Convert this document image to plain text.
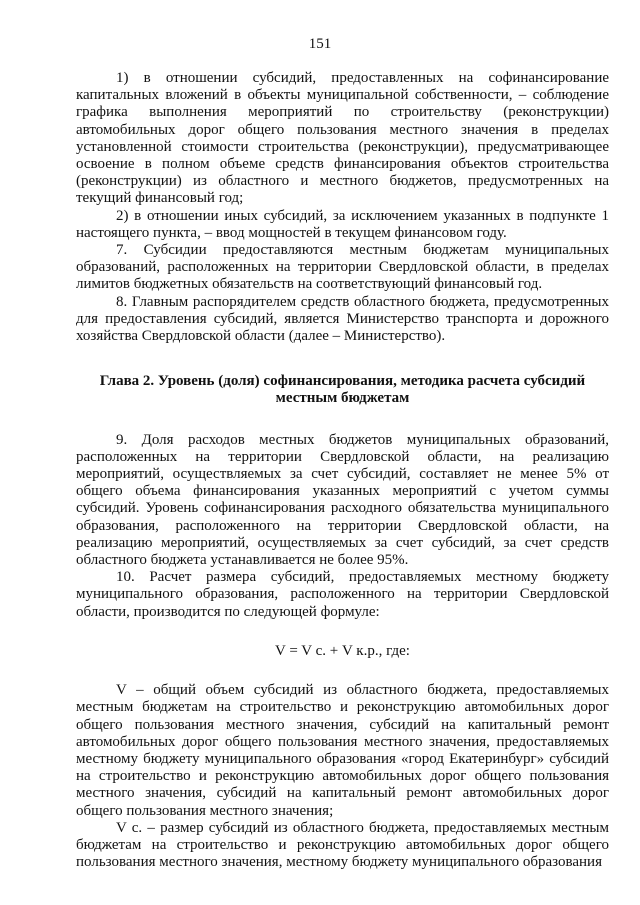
151

1) в отношении субсидий, предоставленных на софинансирование капитальных вложений в объекты муниципальной собственности, – соблюдение графика выполнения мероприятий по строительству (реконструкции) автомобильных дорог общего пользования местного значения в пределах установленной стоимости строительства (реконструкции), предусматривающее освоение в полном объеме средств финансирования объектов строительства (реконструкции) из областного и местного бюджетов, предусмотренных на текущий финансовый год;

2) в отношении иных субсидий, за исключением указанных в подпункте 1 настоящего пункта, – ввод мощностей в текущем финансовом году.

7. Субсидии предоставляются местным бюджетам муниципальных образований, расположенных на территории Свердловской области, в пределах лимитов бюджетных обязательств на соответствующий финансовый год.

8. Главным распорядителем средств областного бюджета, предусмотренных для предоставления субсидий, является Министерство транспорта и дорожного хозяйства Свердловской области (далее – Министерство).

Глава 2. Уровень (доля) софинансирования, методика расчета субсидий
местным бюджетам

9. Доля расходов местных бюджетов муниципальных образований, расположенных на территории Свердловской области, на реализацию мероприятий, осуществляемых за счет субсидий, составляет не менее 5% от общего объема финансирования указанных мероприятий с учетом суммы субсидий. Уровень софинансирования расходного обязательства муниципального образования, расположенного на территории Свердловской области, на реализацию мероприятий, осуществляемых за счет субсидий, за счет средств областного бюджета устанавливается не более 95%.

10. Расчет размера субсидий, предоставляемых местному бюджету муниципального образования, расположенного на территории Свердловской области, производится по следующей формуле:

V = V с. + V к.р., где:

V – общий объем субсидий из областного бюджета, предоставляемых местным бюджетам на строительство и реконструкцию автомобильных дорог общего пользования местного значения, субсидий на капитальный ремонт автомобильных дорог общего пользования местного значения, предоставляемых местному бюджету муниципального образования «город Екатеринбург» субсидий на строительство и реконструкцию автомобильных дорог общего пользования местного значения, субсидий на капитальный ремонт автомобильных дорог общего пользования местного значения;

V с. – размер субсидий из областного бюджета, предоставляемых местным бюджетам на строительство и реконструкцию автомобильных дорог общего пользования местного значения, местному бюджету муниципального образования
